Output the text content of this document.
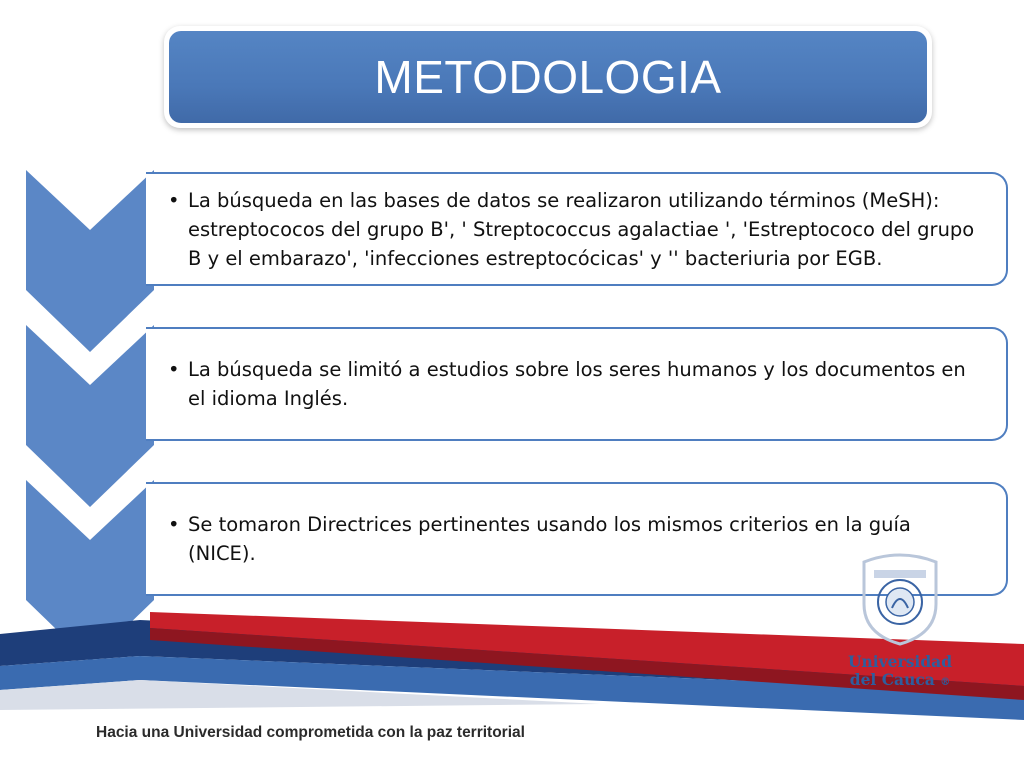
METODOLOGIA
• La búsqueda en las bases de datos se realizaron utilizando términos (MeSH): estreptococos del grupo B', ' Streptococcus agalactiae ', 'Estreptococo del grupo B y el embarazo', 'infecciones estreptocócicas' y '' bacteriuria por EGB.
• La búsqueda se limitó a estudios sobre los seres humanos y los documentos en el idioma Inglés.
• Se tomaron Directrices pertinentes usando los mismos criterios en la guía (NICE).
Hacia una Universidad comprometida con la paz territorial
Universidad
del Cauca ®
